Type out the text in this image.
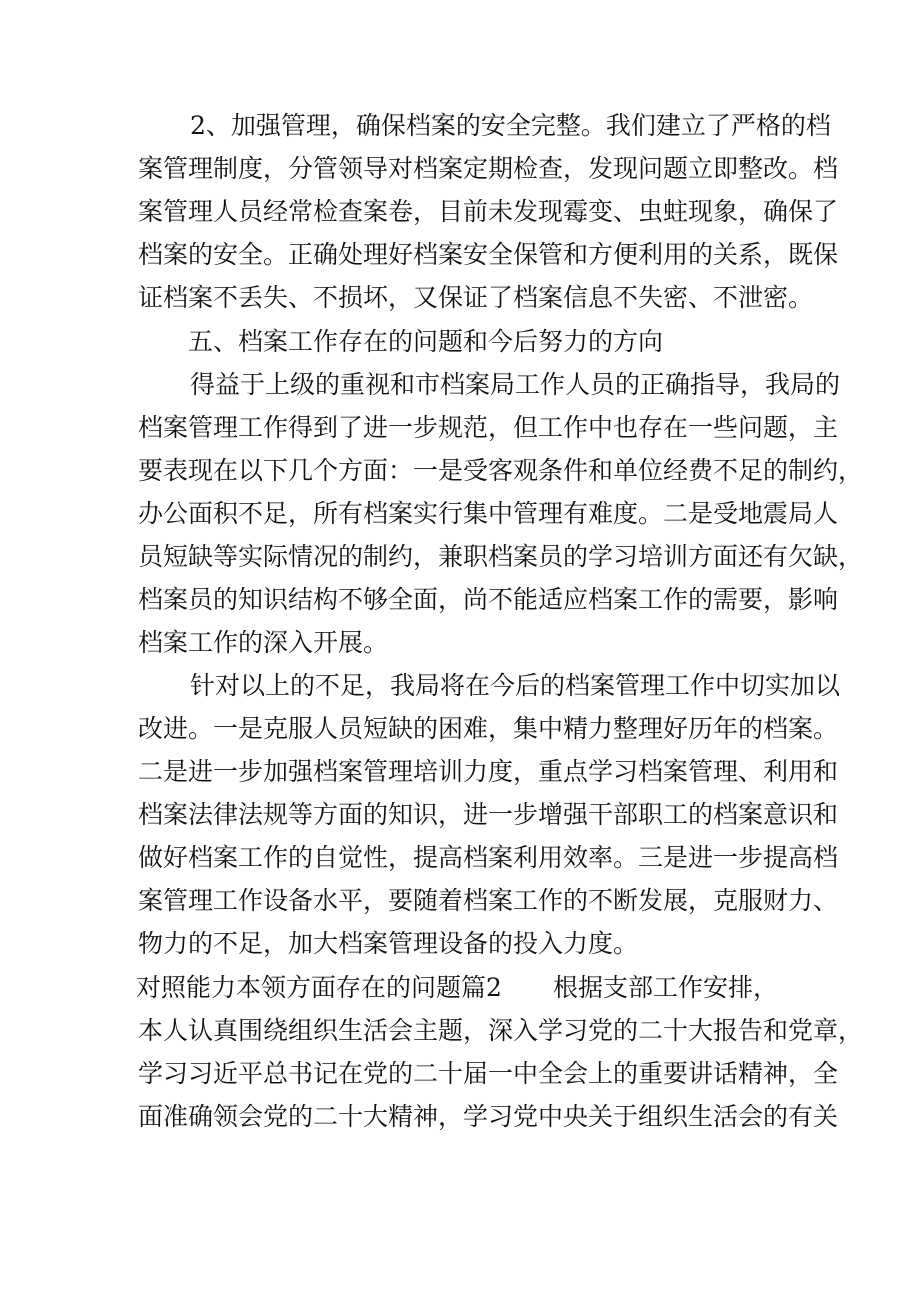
2、加强管理，确保档案的安全完整。我们建立了严格的档
案管理制度，分管领导对档案定期检查，发现问题立即整改。档
案管理人员经常检查案卷，目前未发现霉变、虫蛀现象，确保了
档案的安全。正确处理好档案安全保管和方便利用的关系，既保
证档案不丢失、不损坏，又保证了档案信息不失密、不泄密。
五、档案工作存在的问题和今后努力的方向
得益于上级的重视和市档案局工作人员的正确指导，我局的
档案管理工作得到了进一步规范，但工作中也存在一些问题，主
要表现在以下几个方面：一是受客观条件和单位经费不足的制约，
办公面积不足，所有档案实行集中管理有难度。二是受地震局人
员短缺等实际情况的制约，兼职档案员的学习培训方面还有欠缺，
档案员的知识结构不够全面，尚不能适应档案工作的需要，影响
档案工作的深入开展。
针对以上的不足，我局将在今后的档案管理工作中切实加以
改进。一是克服人员短缺的困难，集中精力整理好历年的档案。
二是进一步加强档案管理培训力度，重点学习档案管理、利用和
档案法律法规等方面的知识，进一步增强干部职工的档案意识和
做好档案工作的自觉性，提高档案利用效率。三是进一步提高档
案管理工作设备水平，要随着档案工作的不断发展，克服财力、
物力的不足，加大档案管理设备的投入力度。
对照能力本领方面存在的问题篇2 根据支部工作安排，
本人认真围绕组织生活会主题，深入学习党的二十大报告和党章，
学习习近平总书记在党的二十届一中全会上的重要讲话精神，全
面准确领会党的二十大精神，学习党中央关于组织生活会的有关
